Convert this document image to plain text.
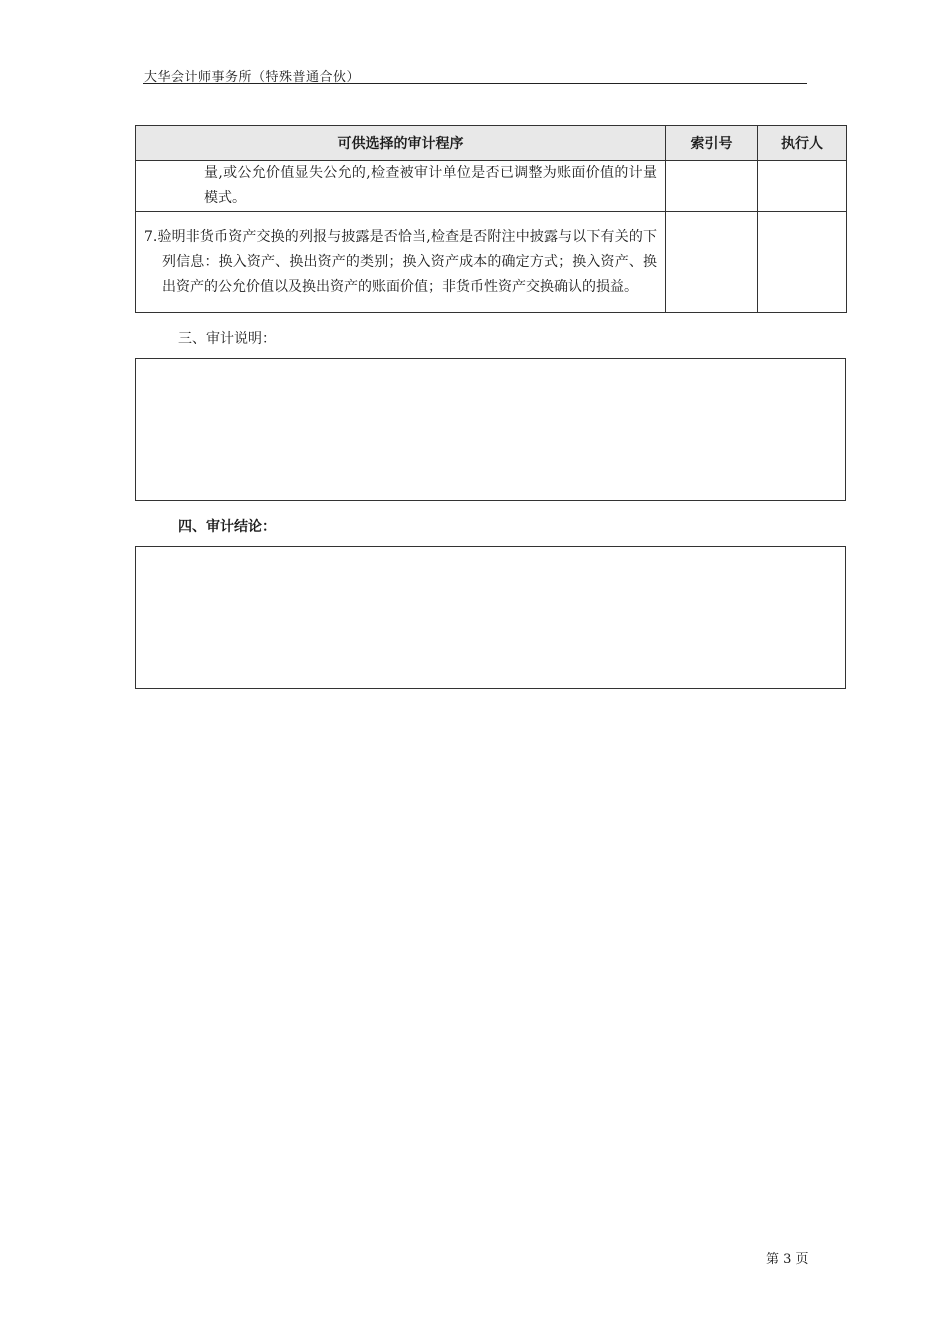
大华会计师事务所（特殊普通合伙）
可供选择的审计程序	索引号	执行人

量,或公允价值显失公允的,检查被审计单位是否已调整为账面价值的计量模式。		

7.验明非货币资产交换的列报与披露是否恰当,检查是否附注中披露与以下有关的下列信息：换入资产、换出资产的类别；换入资产成本的确定方式；换入资产、换出资产的公允价值以及换出资产的账面价值；非货币性资产交换确认的损益。		

三、审计说明：
四、审计结论：
第 3 页
